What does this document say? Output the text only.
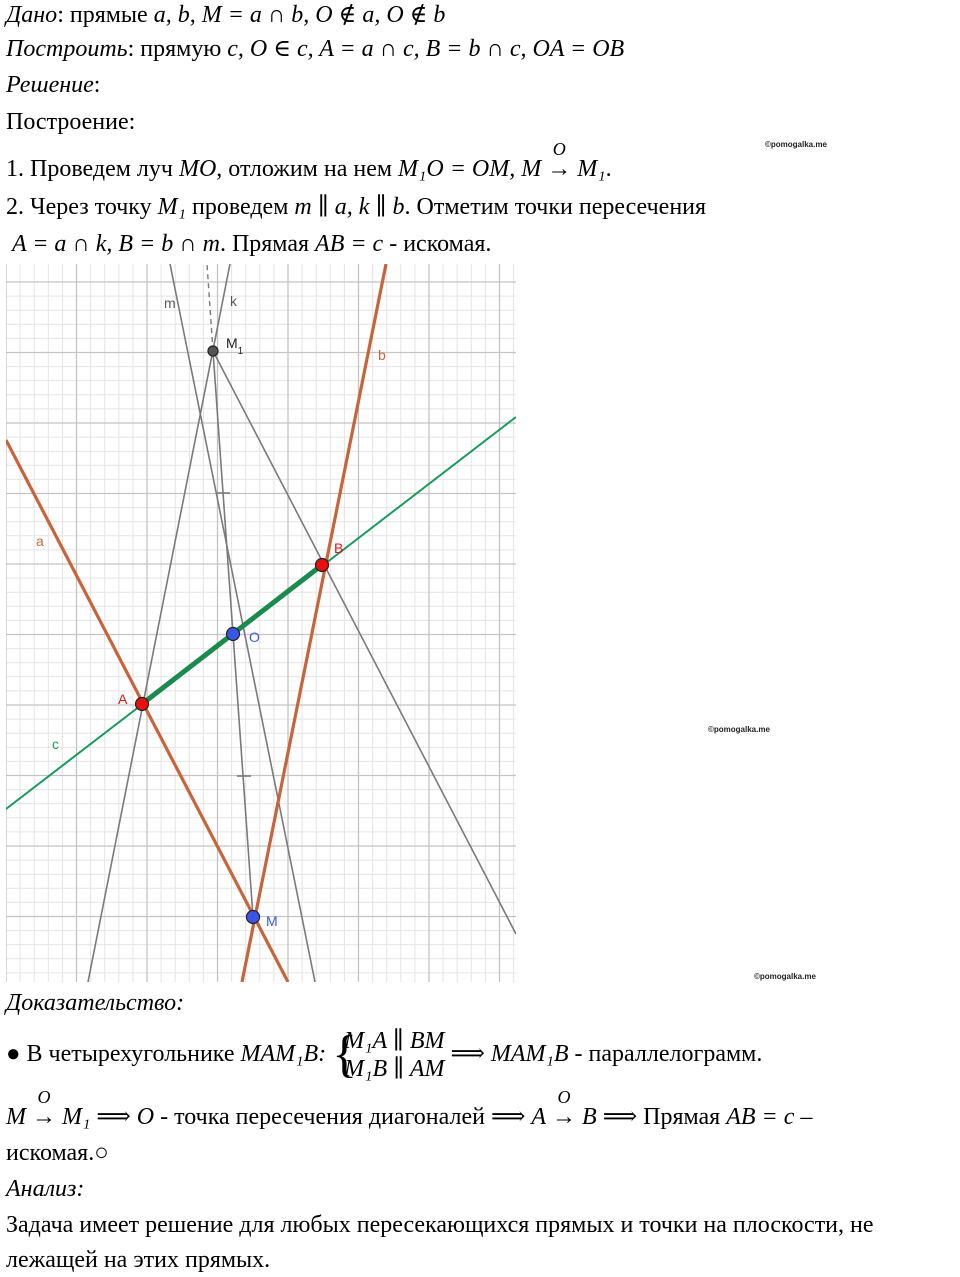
Дано: прямые a, b, M = a ∩ b, O ∉ a, O ∉ b
Построить: прямую c, O ∈ c, A = a ∩ c, B = b ∩ c, OA = OB
Решение:
Построение:
©pomogalka.me
1. Проведем луч MO, отложим на нем M₁O = OM, M
O
→ M₁.
2. Через точку M₁ проведем m ∥ a, k ∥ b. Отметим точки пересечения
A = a ∩ k, B = b ∩ m. Прямая AB = c - искомая.
m	k
$M_1$	b
a	B
O
A
c
M
©pomogalka.me
©pomogalka.me
Доказательство:
● В четырехугольнике MAM₁B: {
M₁A ∥ BM
M₁B ∥ AM
⟹ MAM₁B - параллелограмм.
M
O
→ M₁ ⟹ O - точка пересечения диагоналей ⟹ A
O
→ B ⟹ Прямая AB = c –
искомая.○
Анализ:
Задача имеет решение для любых пересекающихся прямых и точки на плоскости, не
лежащей на этих прямых.
